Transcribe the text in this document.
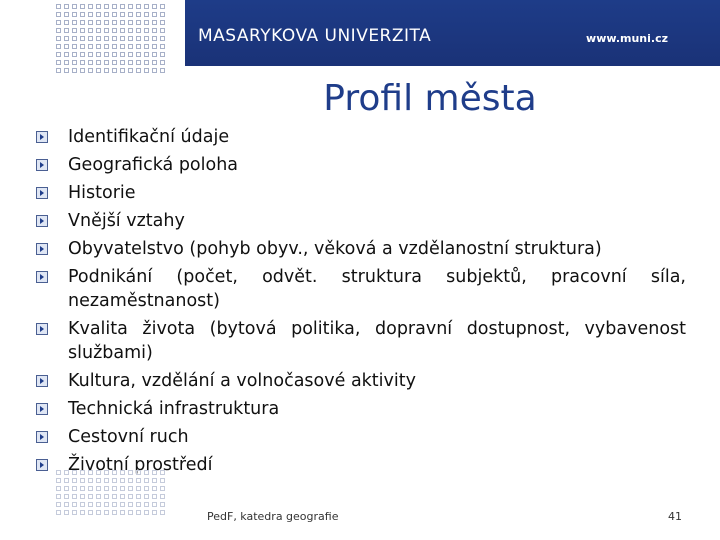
MASARYKOVA UNIVERZITA	www.muni.cz
Profil města
Identifikační údaje
Geografická poloha
Historie
Vnější vztahy
Obyvatelstvo (pohyb obyv., věková a vzdělanostní struktura)
Podnikání (počet, odvět. struktura subjektů, pracovní síla, nezaměstnanost)
Kvalita života (bytová politika, dopravní dostupnost, vybavenost službami)
Kultura, vzdělání a volnočasové aktivity
Technická infrastruktura
Cestovní ruch
Životní prostředí
PedF, katedra geografie	41
